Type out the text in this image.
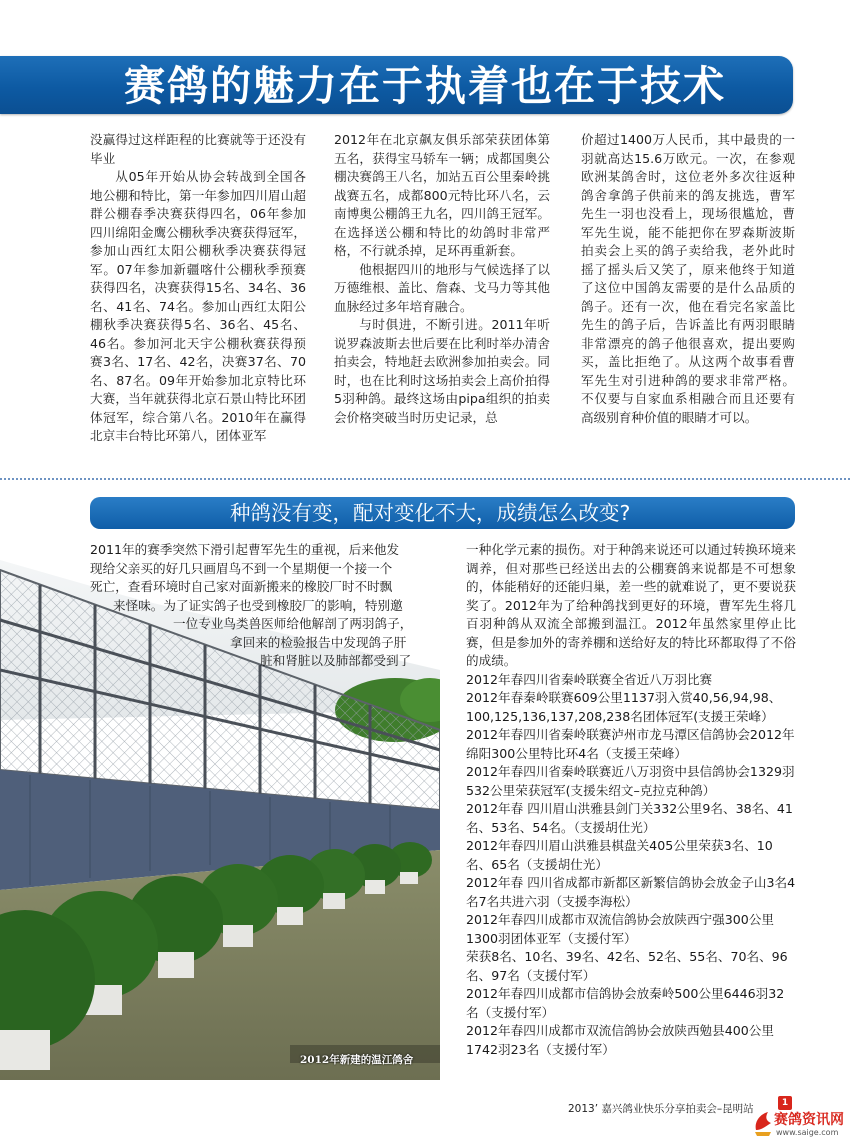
赛鸽的魅力在于执着也在于技术

没赢得过这样距程的比赛就等于还没有毕业

从05年开始从协会转战到全国各地公棚和特比，第一年参加四川眉山超群公棚春季决赛获得四名，06年参加四川绵阳金鹰公棚秋季决赛获得冠军，参加山西红太阳公棚秋季决赛获得冠军。07年参加新疆喀什公棚秋季预赛获得四名，决赛获得15名、34名、36名、41名、74名。参加山西红太阳公棚秋季决赛获得5名、36名、45名、46名。参加河北天宇公棚秋赛获得预赛3名、17名、42名，决赛37名、70名、87名。09年开始参加北京特比环大赛，当年就获得北京石景山特比环团体冠军，综合第八名。2010年在赢得北京丰台特比环第八，团体亚军

2012年在北京飙友俱乐部荣获团体第五名，获得宝马轿车一辆；成都国奥公棚决赛鸽王八名，加站五百公里秦岭挑战赛五名，成都800元特比环八名，云南博奥公棚鸽王九名，四川鸽王冠军。在选择送公棚和特比的幼鸽时非常严格，不行就杀掉，足环再重新套。

他根据四川的地形与气候选择了以万德维根、盖比、詹森、戈马力等其他血脉经过多年培育融合。

与时俱进，不断引进。2011年听说罗森波斯去世后要在比利时举办清舍拍卖会，特地赶去欧洲参加拍卖会。同时，也在比利时这场拍卖会上高价拍得5羽种鸽。最终这场由pipa组织的拍卖会价格突破当时历史记录，总

价超过1400万人民币，其中最贵的一羽就高达15.6万欧元。一次，在参观欧洲某鸽舍时，这位老外多次往返种鸽舍拿鸽子供前来的鸽友挑选，曹军先生一羽也没看上，现场很尴尬，曹军先生说，能不能把你在罗森斯波斯拍卖会上买的鸽子卖给我，老外此时摇了摇头后又笑了，原来他终于知道了这位中国鸽友需要的是什么品质的鸽子。还有一次，他在看完名家盖比先生的鸽子后，告诉盖比有两羽眼睛非常漂亮的鸽子他很喜欢，提出要购买，盖比拒绝了。从这两个故事看曹军先生对引进种鸽的要求非常严格。不仅要与自家血系相融合而且还要有高级别育种价值的眼睛才可以。

种鸽没有变，配对变化不大，成绩怎么改变?
2012年新建的温江鸽舍
2011年的赛季突然下滑引起曹军先生的重视，后来他发
现给父亲买的好几只画眉鸟不到一个星期便一个接一个
死亡，查看环境时自己家对面新搬来的橡胶厂时不时飘
来怪味。为了证实鸽子也受到橡胶厂的影响，特别邀
一位专业鸟类兽医师给他解剖了两羽鸽子，
拿回来的检验报告中发现鸽子肝
脏和肾脏以及肺部都受到了

一种化学元素的损伤。对于种鸽来说还可以通过转换环境来调养，但对那些已经送出去的公棚赛鸽来说都是不可想象的，体能稍好的还能归巢，差一些的就难说了，更不要说获奖了。2012年为了给种鸽找到更好的环境，曹军先生将几百羽种鸽从双流全部搬到温江。2012年虽然家里停止比赛，但是参加外的寄养棚和送给好友的特比环都取得了不俗的成绩。

2012年春四川省秦岭联赛全省近八万羽比赛
2012年春秦岭联赛609公里1137羽入赏40,56,94,98、100,125,136,137,208,238名团体冠军(支援王荣峰）
2012年春四川省秦岭联赛泸州市龙马潭区信鸽协会2012年绵阳300公里特比环4名（支援王荣峰）
2012年春四川省秦岭联赛近八万羽资中县信鸽协会1329羽532公里荣获冠军(支援朱绍文–克拉克种鸽）
2012年春 四川眉山洪雅县剑门关332公里9名、38名、41名、53名、54名。（支援胡仕光）
2012年春四川眉山洪雅县棋盘关405公里荣获3名、10名、65名（支援胡仕光）
2012年春 四川省成都市新都区新繁信鸽协会放金子山3名4名7名共进六羽（支援李海松）
2012年春四川成都市双流信鸽协会放陕西宁强300公里1300羽团体亚军（支援付军）
荣获8名、10名、39名、42名、52名、55名、70名、96名、97名（支援付军）
2012年春四川成都市信鸽协会放秦岭500公里6446羽32名（支援付军）
2012年春四川成都市双流信鸽协会放陕西勉县400公里1742羽23名（支援付军）
2013’ 嘉兴鸽业快乐分享拍卖会–昆明站	1
赛鸽资讯网
www.saige.com
